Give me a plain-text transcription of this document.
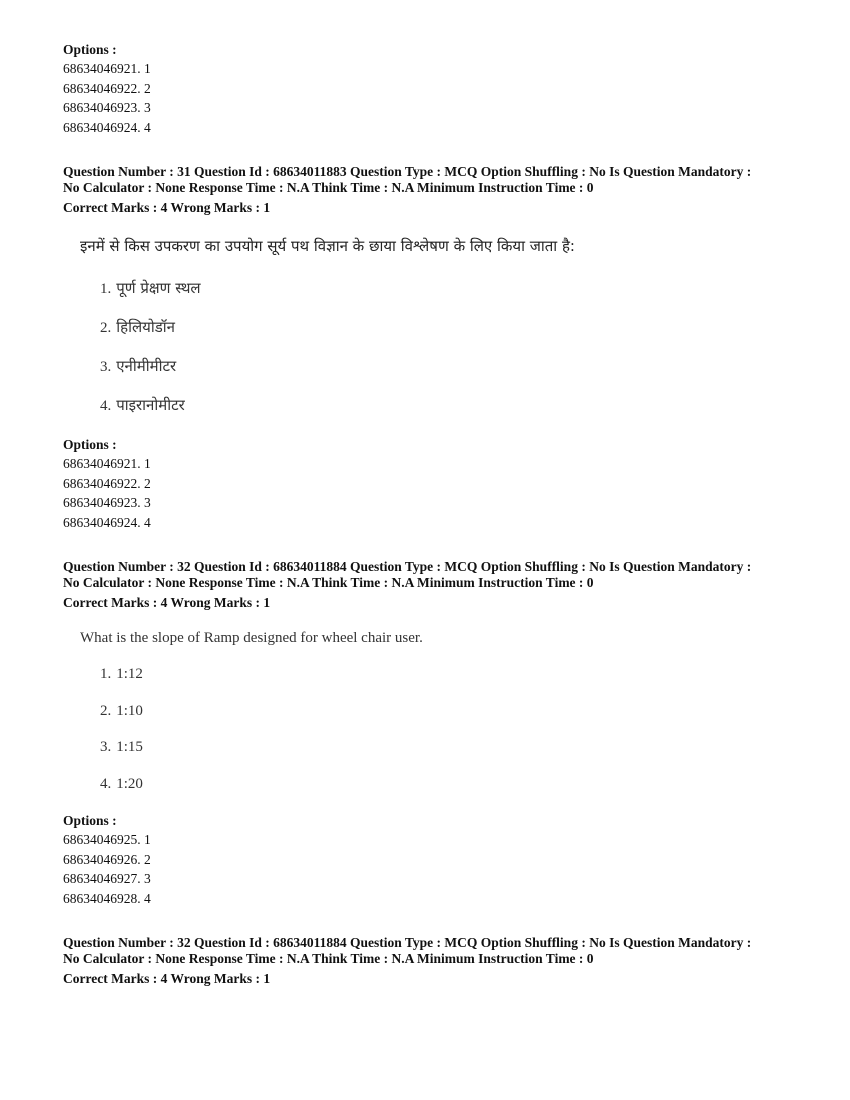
Options :
68634046921. 1
68634046922. 2
68634046923. 3
68634046924. 4
Question Number : 31 Question Id : 68634011883 Question Type : MCQ Option Shuffling : No Is Question Mandatory :
No Calculator : None Response Time : N.A Think Time : N.A Minimum Instruction Time : 0
Correct Marks : 4 Wrong Marks : 1
इनमें से किस उपकरण का उपयोग सूर्य पथ विज्ञान के छाया विश्लेषण के लिए किया जाता है:
1. पूर्ण प्रेक्षण स्थल
2. हिलियोडॉन
3. एनीमीमीटर
4. पाइरानोमीटर
Options :
68634046921. 1
68634046922. 2
68634046923. 3
68634046924. 4
Question Number : 32 Question Id : 68634011884 Question Type : MCQ Option Shuffling : No Is Question Mandatory :
No Calculator : None Response Time : N.A Think Time : N.A Minimum Instruction Time : 0
Correct Marks : 4 Wrong Marks : 1
What is the slope of Ramp designed for wheel chair user.
1. 1:12
2. 1:10
3. 1:15
4. 1:20
Options :
68634046925. 1
68634046926. 2
68634046927. 3
68634046928. 4
Question Number : 32 Question Id : 68634011884 Question Type : MCQ Option Shuffling : No Is Question Mandatory :
No Calculator : None Response Time : N.A Think Time : N.A Minimum Instruction Time : 0
Correct Marks : 4 Wrong Marks : 1
